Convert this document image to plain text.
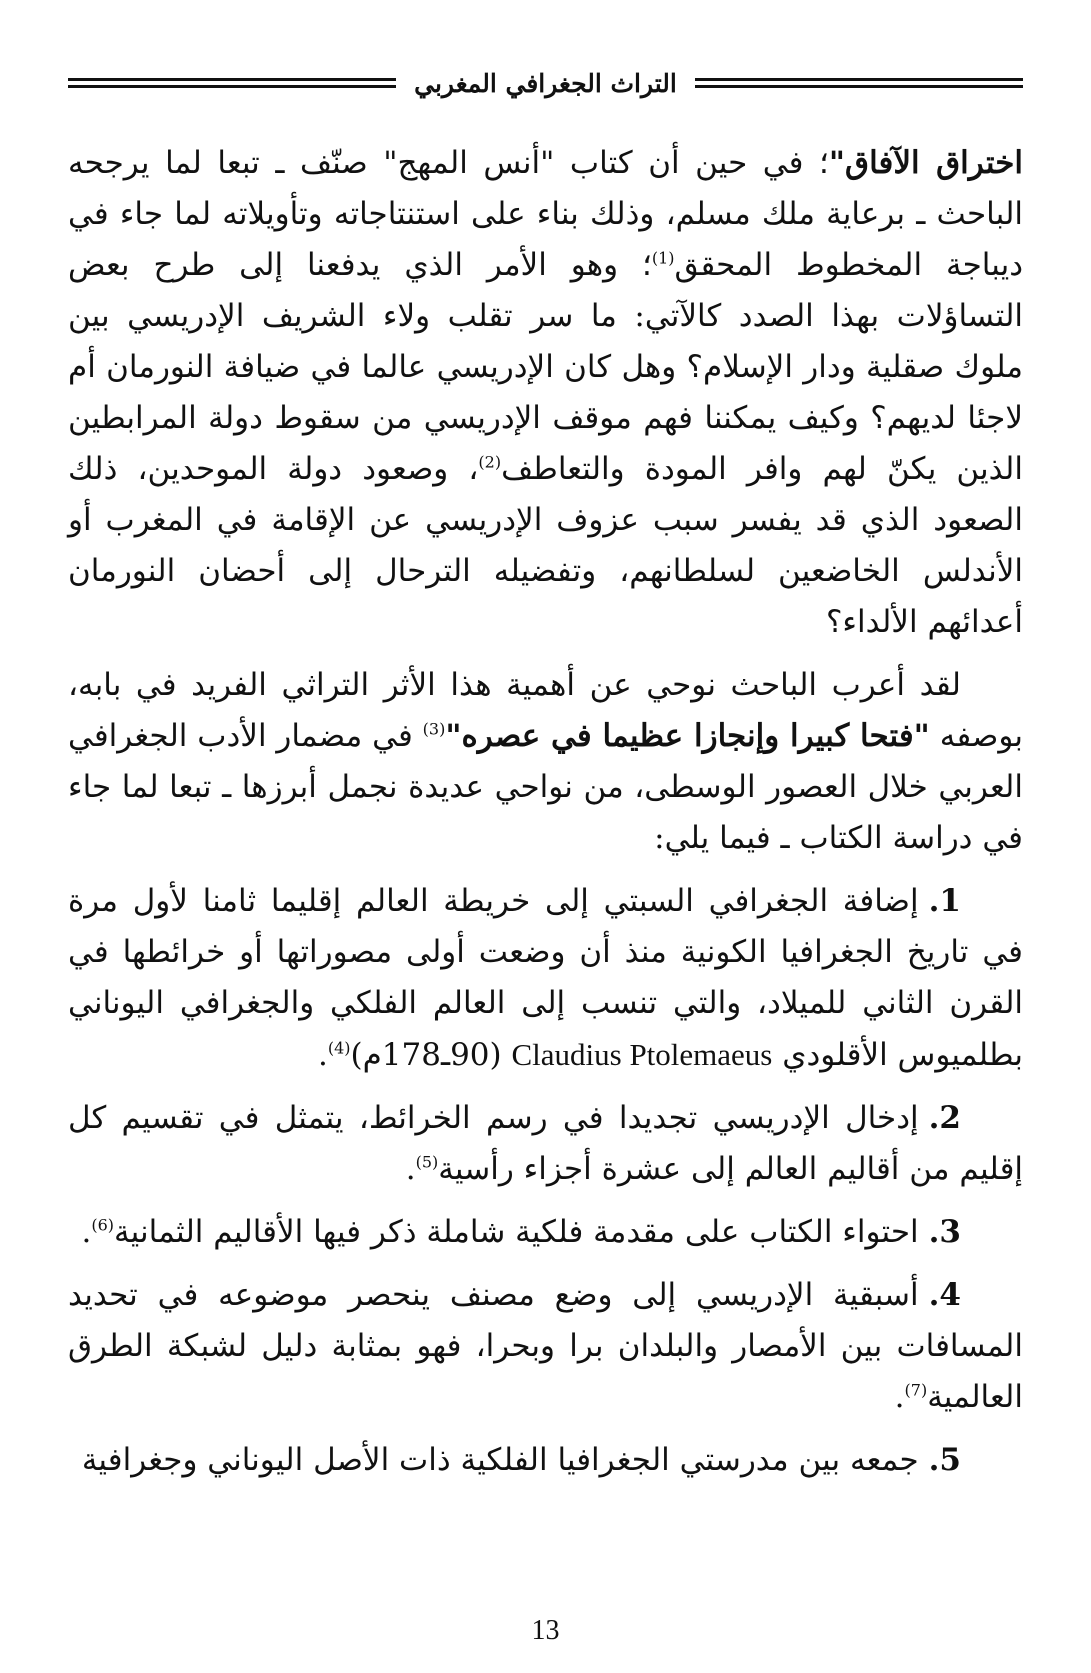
التراث الجغرافي المغربي

اختراق الآفاق"؛ في حين أن كتاب "أنس المهج" صنّف ـ تبعا لما يرجحه الباحث ـ برعاية ملك مسلم، وذلك بناء على استنتاجاته وتأويلاته لما جاء في ديباجة المخطوط المحقق$^{(1)}$؛ وهو الأمر الذي يدفعنا إلى طرح بعض التساؤلات بهذا الصدد كالآتي: ما سر تقلب ولاء الشريف الإدريسي بين ملوك صقلية ودار الإسلام؟ وهل كان الإدريسي عالما في ضيافة النورمان أم لاجئا لديهم؟ وكيف يمكننا فهم موقف الإدريسي من سقوط دولة المرابطين الذين يكنّ لهم وافر المودة والتعاطف$^{(2)}$، وصعود دولة الموحدين، ذلك الصعود الذي قد يفسر سبب عزوف الإدريسي عن الإقامة في المغرب أو الأندلس الخاضعين لسلطانهم، وتفضيله الترحال إلى أحضان النورمان أعدائهم الألداء؟

لقد أعرب الباحث نوحي عن أهمية هذا الأثر التراثي الفريد في بابه، بوصفه "فتحا كبيرا وإنجازا عظيما في عصره"$^{(3)}$ في مضمار الأدب الجغرافي العربي خلال العصور الوسطى، من نواحي عديدة نجمل أبرزها ـ تبعا لما جاء في دراسة الكتاب ـ فيما يلي:

1.إضافة الجغرافي السبتي إلى خريطة العالم إقليما ثامنا لأول مرة في تاريخ الجغرافيا الكونية منذ أن وضعت أولى مصوراتها أو خرائطها في القرن الثاني للميلاد، والتي تنسب إلى العالم الفلكي والجغرافي اليوناني بطلميوس الأقلودي Claudius Ptolemaeus (90ـ178م)$^{(4)}$.

2.إدخال الإدريسي تجديدا في رسم الخرائط، يتمثل في تقسيم كل إقليم من أقاليم العالم إلى عشرة أجزاء رأسية$^{(5)}$.

3.احتواء الكتاب على مقدمة فلكية شاملة ذكر فيها الأقاليم الثمانية$^{(6)}$.

4.أسبقية الإدريسي إلى وضع مصنف ينحصر موضوعه في تحديد المسافات بين الأمصار والبلدان برا وبحرا، فهو بمثابة دليل لشبكة الطرق العالمية$^{(7)}$.

5.جمعه بين مدرستي الجغرافيا الفلكية ذات الأصل اليوناني وجغرافية

13
